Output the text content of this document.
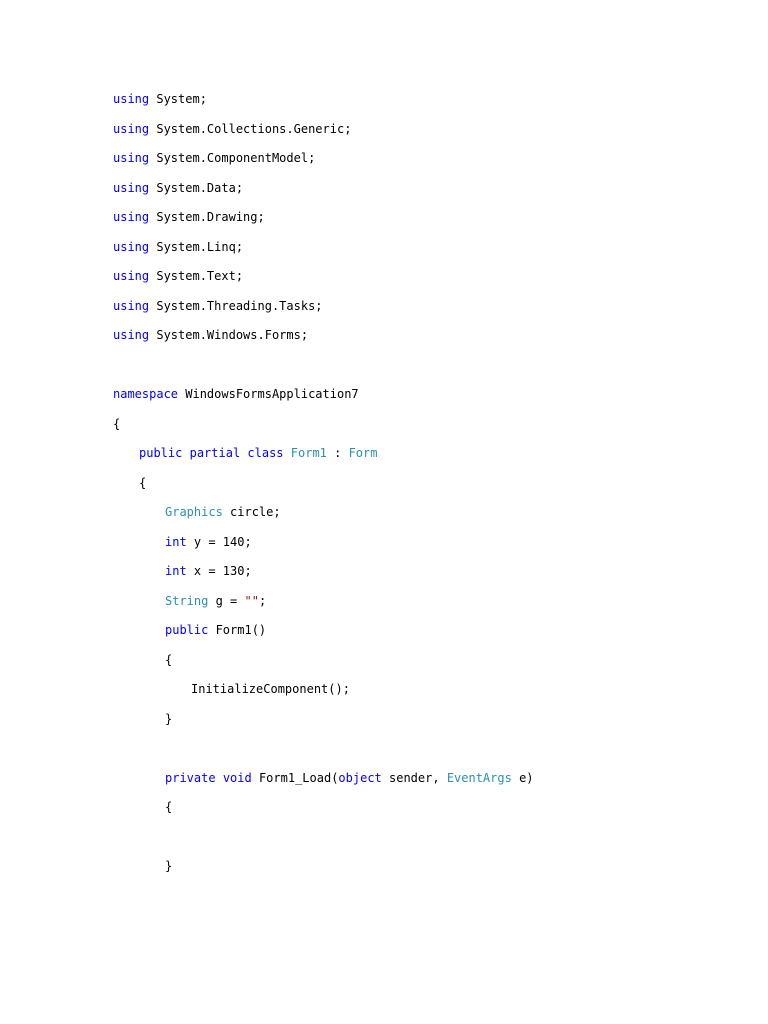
using System;
using System.Collections.Generic;
using System.ComponentModel;
using System.Data;
using System.Drawing;
using System.Linq;
using System.Text;
using System.Threading.Tasks;
using System.Windows.Forms;

namespace WindowsFormsApplication7
{
public partial class Form1 : Form
{
Graphics circle;
int y = 140;
int x = 130;
String g = "";
public Form1()
{
InitializeComponent();
}

private void Form1_Load(object sender, EventArgs e)
{

}
